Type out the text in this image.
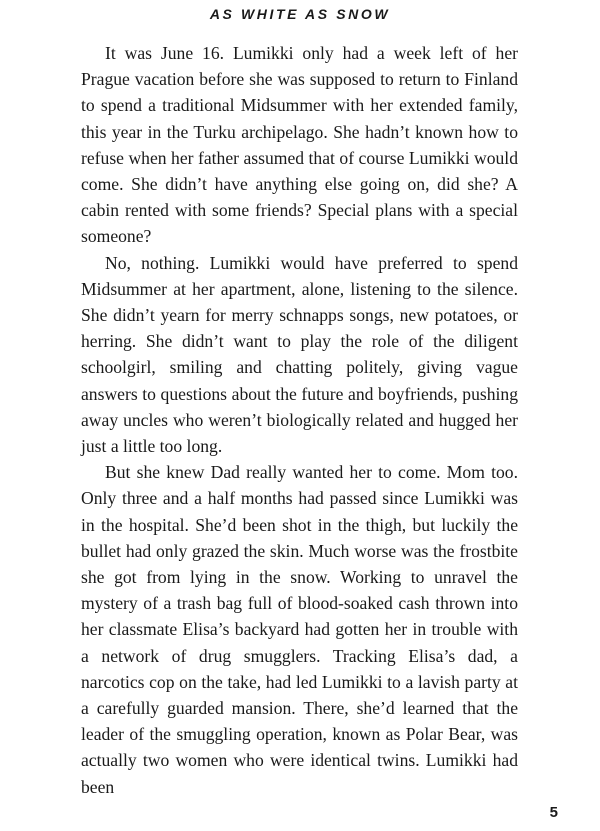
AS WHITE AS SNOW

It was June 16. Lumikki only had a week left of her Prague vacation before she was supposed to return to Finland to spend a traditional Midsummer with her extended family, this year in the Turku archipelago. She hadn’t known how to refuse when her father assumed that of course Lumikki would come. She didn’t have anything else going on, did she? A cabin rented with some friends? Special plans with a special someone?

No, nothing. Lumikki would have preferred to spend Midsummer at her apartment, alone, listening to the silence. She didn’t yearn for merry schnapps songs, new potatoes, or herring. She didn’t want to play the role of the diligent schoolgirl, smiling and chatting politely, giving vague answers to questions about the future and boyfriends, pushing away uncles who weren’t biologically related and hugged her just a little too long.

But she knew Dad really wanted her to come. Mom too. Only three and a half months had passed since Lumikki was in the hospital. She’d been shot in the thigh, but luckily the bullet had only grazed the skin. Much worse was the frostbite she got from lying in the snow. Working to unravel the mystery of a trash bag full of blood-soaked cash thrown into her classmate Elisa’s backyard had gotten her in trouble with a network of drug smugglers. Tracking Elisa’s dad, a narcotics cop on the take, had led Lumikki to a lavish party at a carefully guarded mansion. There, she’d learned that the leader of the smuggling operation, known as Polar Bear, was actually two women who were identical twins. Lumikki had been

5
